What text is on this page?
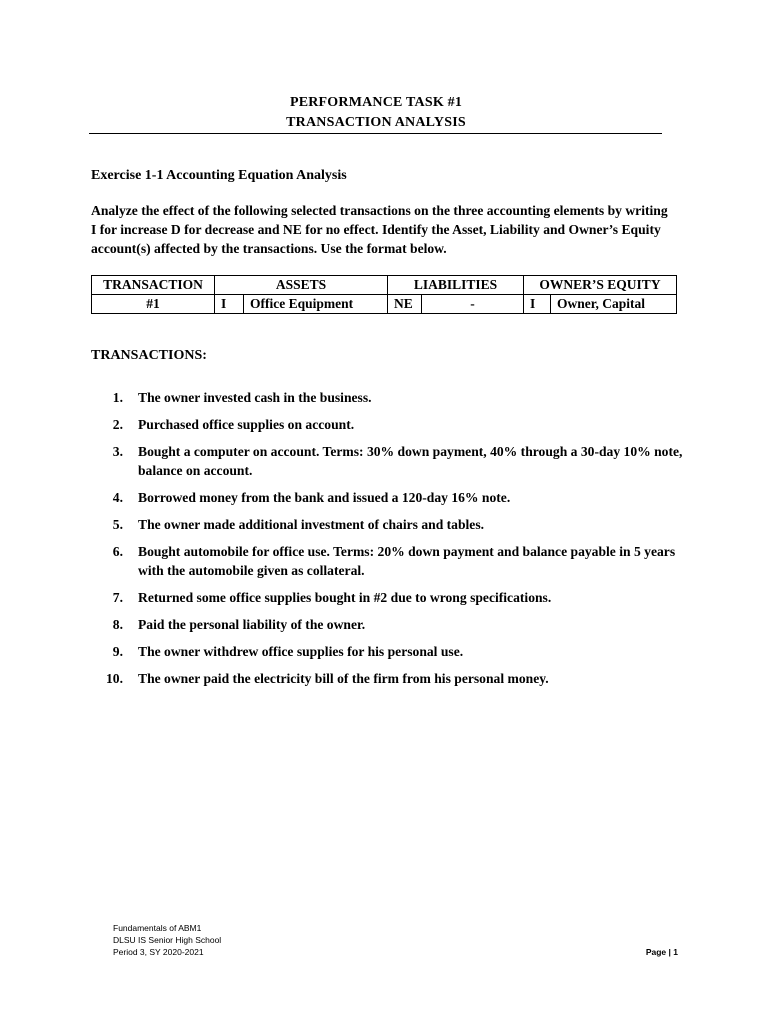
PERFORMANCE TASK #1
TRANSACTION ANALYSIS
Exercise 1-1 Accounting Equation Analysis
Analyze the effect of the following selected transactions on the three accounting elements by writing
I for increase D for decrease and NE for no effect. Identify the Asset, Liability and Owner’s Equity
account(s) affected by the transactions. Use the format below.
TRANSACTION	ASSETS		LIABILITIES		OWNER’S EQUITY	
#1	I	Office Equipment	NE	-	I	Owner, Capital
TRANSACTIONS:
1. The owner invested cash in the business.
2. Purchased office supplies on account.
3. Bought a computer on account. Terms: 30% down payment, 40% through a 30-day 10% note,
balance on account.
4. Borrowed money from the bank and issued a 120-day 16% note.
5. The owner made additional investment of chairs and tables.
6. Bought automobile for office use. Terms: 20% down payment and balance payable in 5 years
with the automobile given as collateral.
7. Returned some office supplies bought in #2 due to wrong specifications.
8. Paid the personal liability of the owner.
9. The owner withdrew office supplies for his personal use.
10. The owner paid the electricity bill of the firm from his personal money.
Fundamentals of ABM1
DLSU IS Senior High School
Period 3, SY 2020-2021	Page | 1
